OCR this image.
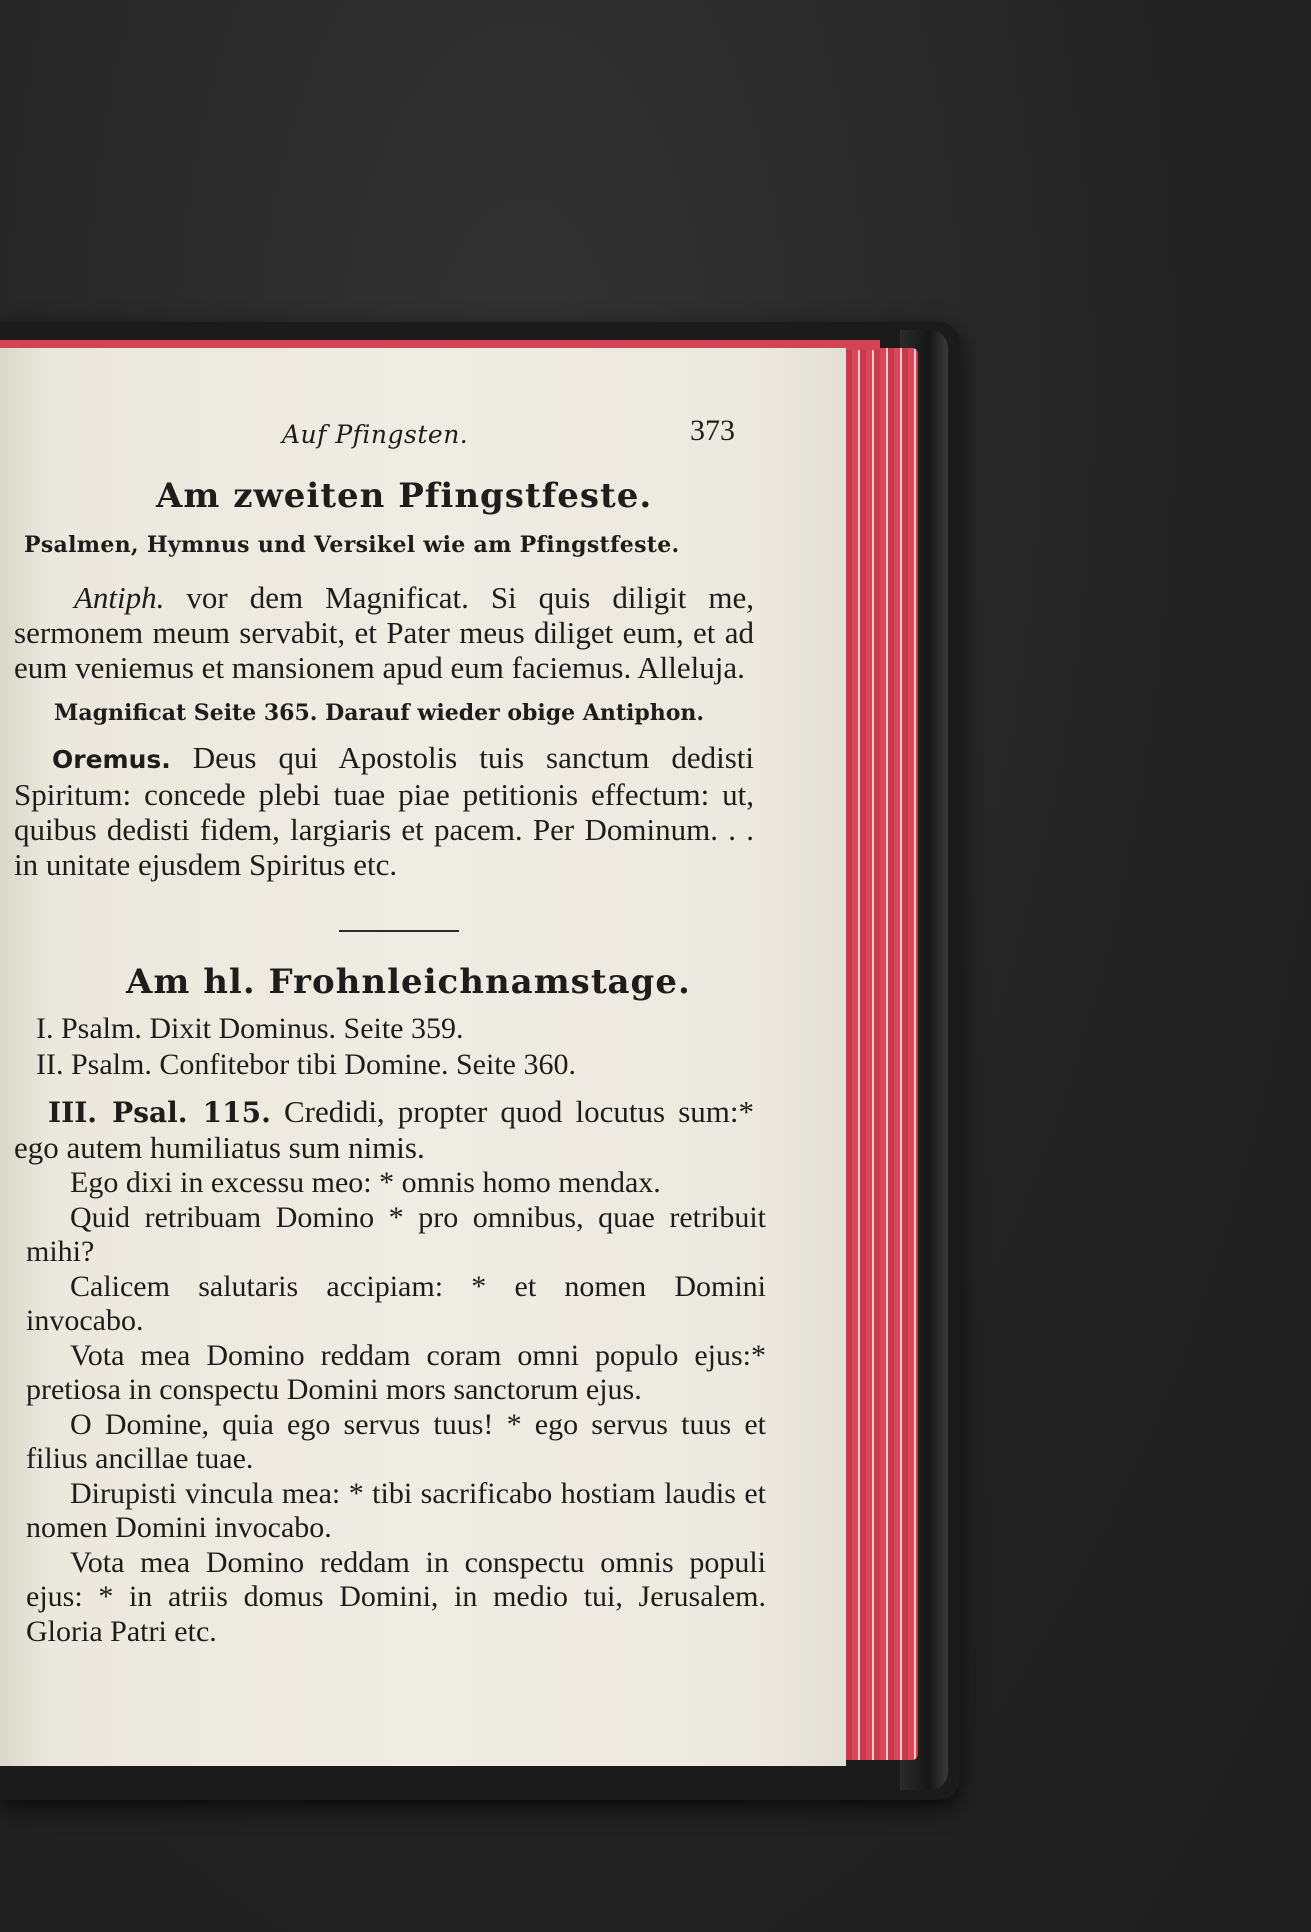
Auf Pfingsten.	373
Am zweiten Pfingstfeste.
Psalmen, Hymnus und Versikel wie am Pfingstfeste.
Antiph. vor dem Magnificat. Si quis diligit me, sermonem meum servabit, et Pater meus diliget eum, et ad eum veniemus et mansionem apud eum faciemus. Alleluja.
Magnificat Seite 365. Darauf wieder obige Antiphon.
Oremus. Deus qui Apostolis tuis sanctum dedisti Spiritum: concede plebi tuae piae petitionis effectum: ut, quibus dedisti fidem, largiaris et pacem. Per Dominum. . . in unitate ejusdem Spiritus etc.
Am hl. Frohnleichnamstage.
I. Psalm. Dixit Dominus. Seite 359.
II. Psalm. Confitebor tibi Domine. Seite 360.
III. Psal. 115. Credidi, propter quod locutus sum:* ego autem humiliatus sum nimis.

Ego dixi in excessu meo: * omnis homo mendax.

Quid retribuam Domino * pro omnibus, quae retribuit mihi?

Calicem salutaris accipiam: * et nomen Domini invocabo.

Vota mea Domino reddam coram omni populo ejus:* pretiosa in conspectu Domini mors sanctorum ejus.

O Domine, quia ego servus tuus! * ego servus tuus et filius ancillae tuae.

Dirupisti vincula mea: * tibi sacrificabo hostiam laudis et nomen Domini invocabo.

Vota mea Domino reddam in conspectu omnis populi ejus: * in atriis domus Domini, in medio tui, Jerusalem. Gloria Patri etc.
